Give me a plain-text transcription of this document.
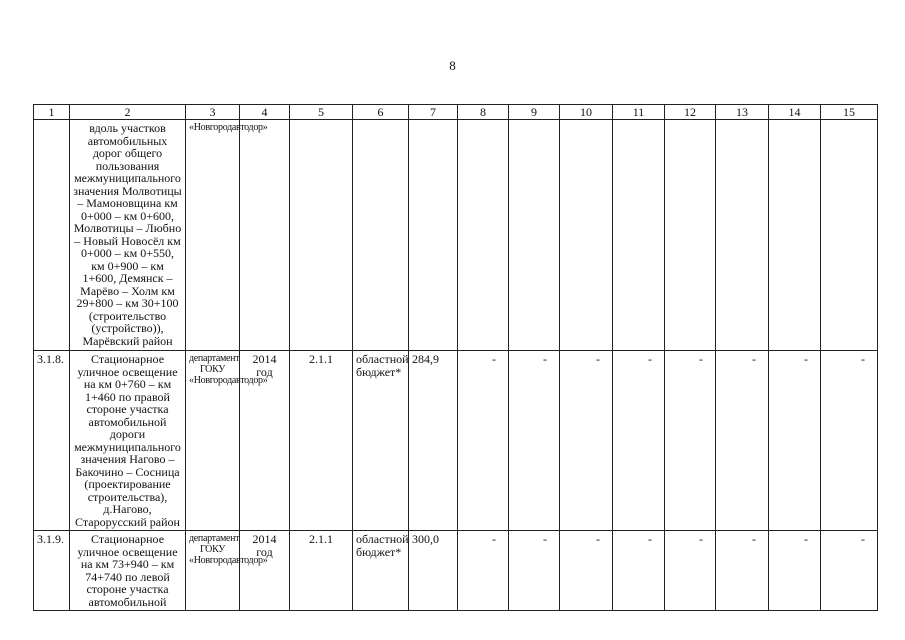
8
1	2	3	4	5	6	7	8	9	10	11	12	13	14	15
	вдоль участков автомобильных дорог общего пользования межмуниципального значения Молвотицы – Мамоновщина км 0+000 – км 0+600, Молвотицы – Любно – Новый Новосёл км 0+000 – км 0+550, км 0+900 – км 1+600, Демянск – Марёво – Холм км 29+800 – км 30+100 (строительство (устройство)), Марёвский район	«Новгородавтодор»												
3.1.8.	Стационарное уличное освещение на км 0+760 – км 1+460 по правой стороне участка автомобильной дороги межмуниципального значения Нагово – Бакочино – Сосница (проектирование строительства), д.Нагово, Старорусский район	департамент ГОКУ «Новгородавтодор»	2014 год	2.1.1	областной бюджет*	284,9	-	-	-	-	-	-	-	-
3.1.9.	Стационарное уличное освещение на км 73+940 – км 74+740 по левой стороне участка автомобильной	департамент ГОКУ «Новгородавтодор»	2014 год	2.1.1	областной бюджет*	300,0	-	-	-	-	-	-	-	-
